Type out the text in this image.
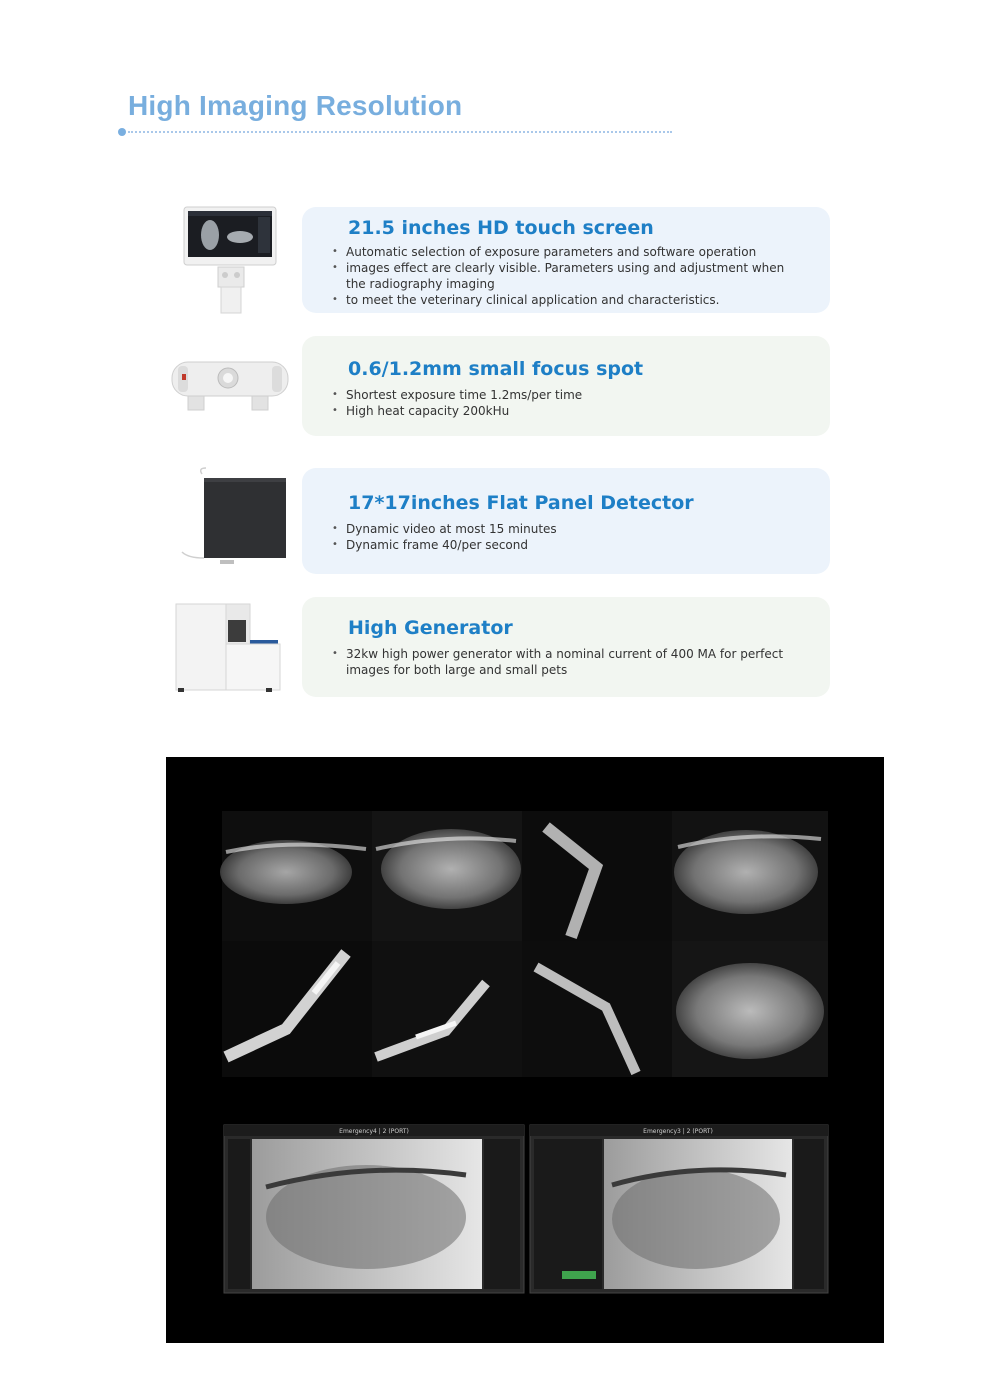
High Imaging Resolution
21.5 inches HD touch screen
• Automatic selection of exposure parameters and software operation
• images effect are clearly visible. Parameters using and adjustment when the radiography imaging
• to meet the veterinary clinical application and characteristics.
0.6/1.2mm small focus spot
• Shortest exposure time 1.2ms/per time
• High heat capacity 200kHu
17*17inches Flat Panel Detector
• Dynamic video at most 15 minutes
• Dynamic frame 40/per second
High Generator
• 32kw high power generator with a nominal current of 400 MA for perfect images for both large and small pets
Emergency4 | 2 (PORT)	Emergency3 | 2 (PORT)
